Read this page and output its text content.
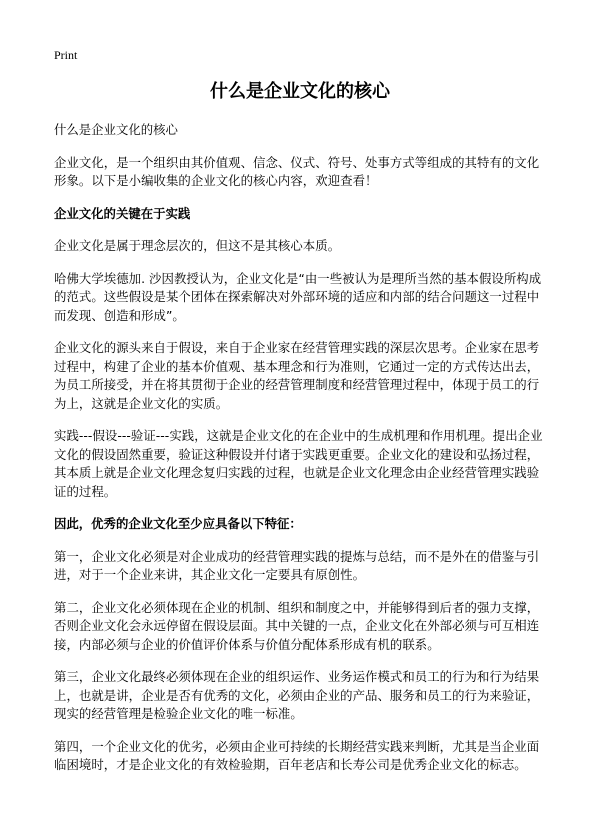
Print
什么是企业文化的核心

什么是企业文化的核心

企业文化，是一个组织由其价值观、信念、仪式、符号、处事方式等组成的其特有的文化形象。以下是小编收集的企业文化的核心内容，欢迎查看！

企业文化的关键在于实践

企业文化是属于理念层次的，但这不是其核心本质。

哈佛大学埃德加. 沙因教授认为，企业文化是“由一些被认为是理所当然的基本假设所构成的范式。这些假设是某个团体在探索解决对外部环境的适应和内部的结合问题这一过程中而发现、创造和形成”。

企业文化的源头来自于假设，来自于企业家在经营管理实践的深层次思考。企业家在思考过程中，构建了企业的基本价值观、基本理念和行为准则，它通过一定的方式传达出去，为员工所接受，并在将其贯彻于企业的经营管理制度和经营管理过程中，体现于员工的行为上，这就是企业文化的实质。

实践---假设---验证---实践，这就是企业文化的在企业中的生成机理和作用机理。提出企业文化的假设固然重要，验证这种假设并付诸于实践更重要。企业文化的建设和弘扬过程，其本质上就是企业文化理念复归实践的过程，也就是企业文化理念由企业经营管理实践验证的过程。

因此，优秀的企业文化至少应具备以下特征：

第一，企业文化必须是对企业成功的经营管理实践的提炼与总结，而不是外在的借鉴与引进，对于一个企业来讲，其企业文化一定要具有原创性。

第二，企业文化必须体现在企业的机制、组织和制度之中，并能够得到后者的强力支撑，否则企业文化会永远停留在假设层面。其中关键的一点，企业文化在外部必须与可互相连接，内部必须与企业的价值评价体系与价值分配体系形成有机的联系。

第三，企业文化最终必须体现在企业的组织运作、业务运作模式和员工的行为和行为结果上，也就是讲，企业是否有优秀的文化，必须由企业的产品、服务和员工的行为来验证，现实的经营管理是检验企业文化的唯一标准。

第四，一个企业文化的优劣，必须由企业可持续的长期经营实践来判断，尤其是当企业面临困境时，才是企业文化的有效检验期，百年老店和长寿公司是优秀企业文化的标志。
